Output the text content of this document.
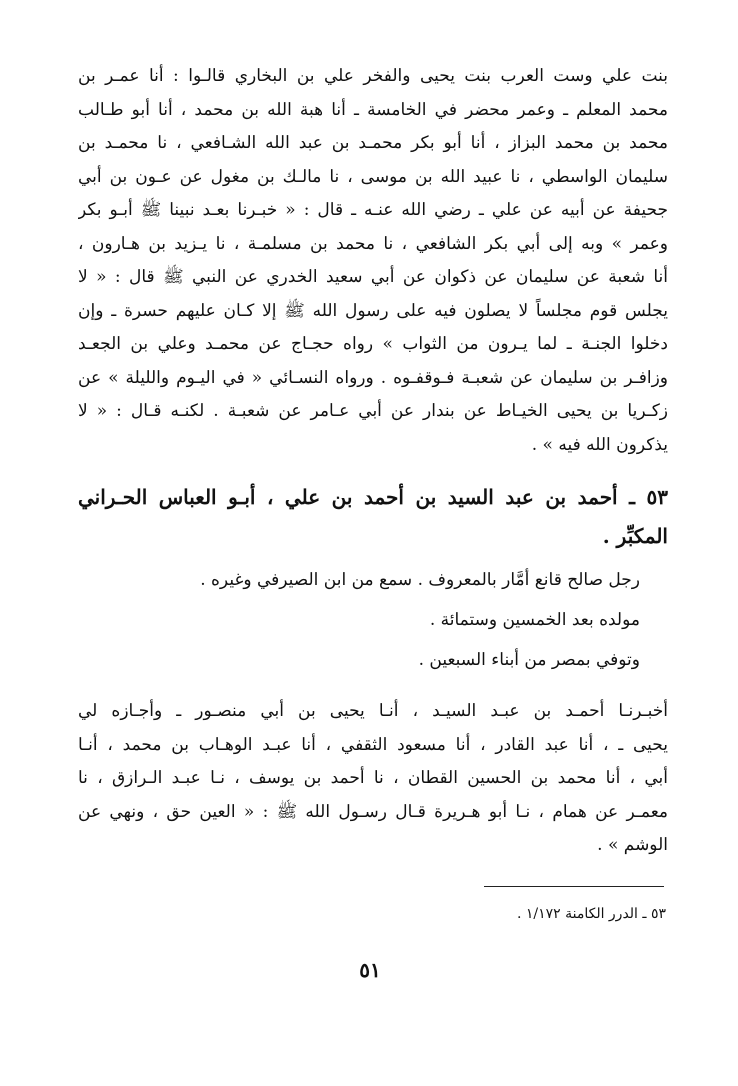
بنت علي وست العرب بنت يحيى والفخر علي بن البخاري قالـوا : أنا عمـر بن
محمد المعلم ـ وعمر محضر في الخامسة ـ أنا هبة الله بن محمد ، أنا أبو طـالب
محمد بن محمد البزاز ، أنا أبو بكر محمـد بن عبد الله الشـافعي ، نا محمـد بن
سليمان الواسطي ، نا عبيد الله بن موسى ، نا مالـك بن مغول عن عـون بن أبي
جحيفة عن أبيه عن علي ـ رضي الله عنـه ـ قال : « خبـرنا بعـد نبينا ﷺ أبـو بكر
وعمر » وبه إلى أبي بكر الشافعي ، نا محمد بن مسلمـة ، نا يـزيد بن هـارون ،
أنا شعبة عن سليمان عن ذكوان عن أبي سعيد الخدري عن النبي ﷺ قال : « لا
يجلس قوم مجلساً لا يصلون فيه على رسول الله ﷺ إلا كـان عليهم حسرة ـ وإن
دخلوا الجنـة ـ لما يـرون من الثواب » رواه حجـاج عن محمـد وعلي بن الجعـد
وزافـر بن سليمان عن شعبـة فـوقفـوه . ورواه النسـائي « في اليـوم والليلة » عن
زكـريا بن يحيى الخيـاط عن بندار عن أبي عـامر عن شعبـة . لكنـه قـال : « لا
يذكرون الله فيه » .
٥٣ ـ أحمد بن عبد السيد بن أحمد بن علي ، أبـو العباس الحـراني
المكبِّر .
رجل صالح قانع أمَّار بالمعروف . سمع من ابن الصيرفي وغيره .
مولده بعد الخمسين وستمائة .
وتوفي بمصر من أبناء السبعين .
أخبـرنـا أحمـد بن عبـد السيـد ، أنـا يحيى بن أبي منصـور ـ وأجـازه لي
يحيى ـ ، أنا عبد القادر ، أنا مسعود الثقفي ، أنا عبـد الوهـاب بن محمد ، أنـا
أبي ، أنا محمد بن الحسين القطان ، نا أحمد بن يوسف ، نـا عبـد الـرازق ، نا
معمـر عن همام ، نـا أبو هـريرة قـال رسـول الله ﷺ : « العين حق ، ونهي عن
الوشم » .
٥٣ ـ الدرر الكامنة ١/١٧٢ .
٥١
